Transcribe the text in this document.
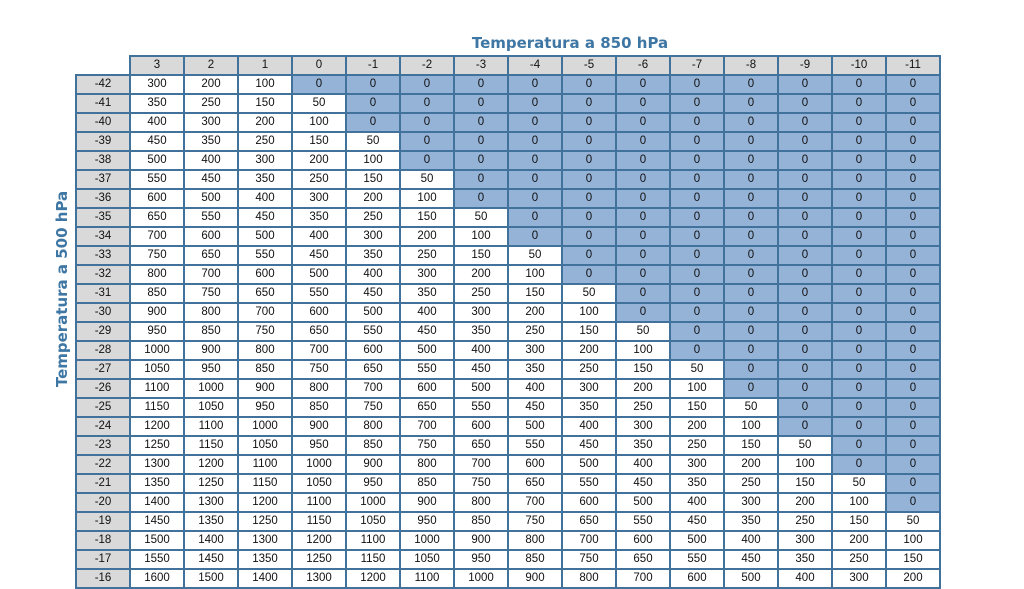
Temperatura a 850 hPa
Temperatura a 500 hPa
	3	2	1	0	-1	-2	-3	-4	-5	-6	-7	-8	-9	-10	-11
-42	300	200	100	0	0	0	0	0	0	0	0	0	0	0	0
-41	350	250	150	50	0	0	0	0	0	0	0	0	0	0	0
-40	400	300	200	100	0	0	0	0	0	0	0	0	0	0	0
-39	450	350	250	150	50	0	0	0	0	0	0	0	0	0	0
-38	500	400	300	200	100	0	0	0	0	0	0	0	0	0	0
-37	550	450	350	250	150	50	0	0	0	0	0	0	0	0	0
-36	600	500	400	300	200	100	0	0	0	0	0	0	0	0	0
-35	650	550	450	350	250	150	50	0	0	0	0	0	0	0	0
-34	700	600	500	400	300	200	100	0	0	0	0	0	0	0	0
-33	750	650	550	450	350	250	150	50	0	0	0	0	0	0	0
-32	800	700	600	500	400	300	200	100	0	0	0	0	0	0	0
-31	850	750	650	550	450	350	250	150	50	0	0	0	0	0	0
-30	900	800	700	600	500	400	300	200	100	0	0	0	0	0	0
-29	950	850	750	650	550	450	350	250	150	50	0	0	0	0	0
-28	1000	900	800	700	600	500	400	300	200	100	0	0	0	0	0
-27	1050	950	850	750	650	550	450	350	250	150	50	0	0	0	0
-26	1100	1000	900	800	700	600	500	400	300	200	100	0	0	0	0
-25	1150	1050	950	850	750	650	550	450	350	250	150	50	0	0	0
-24	1200	1100	1000	900	800	700	600	500	400	300	200	100	0	0	0
-23	1250	1150	1050	950	850	750	650	550	450	350	250	150	50	0	0
-22	1300	1200	1100	1000	900	800	700	600	500	400	300	200	100	0	0
-21	1350	1250	1150	1050	950	850	750	650	550	450	350	250	150	50	0
-20	1400	1300	1200	1100	1000	900	800	700	600	500	400	300	200	100	0
-19	1450	1350	1250	1150	1050	950	850	750	650	550	450	350	250	150	50
-18	1500	1400	1300	1200	1100	1000	900	800	700	600	500	400	300	200	100
-17	1550	1450	1350	1250	1150	1050	950	850	750	650	550	450	350	250	150
-16	1600	1500	1400	1300	1200	1100	1000	900	800	700	600	500	400	300	200
